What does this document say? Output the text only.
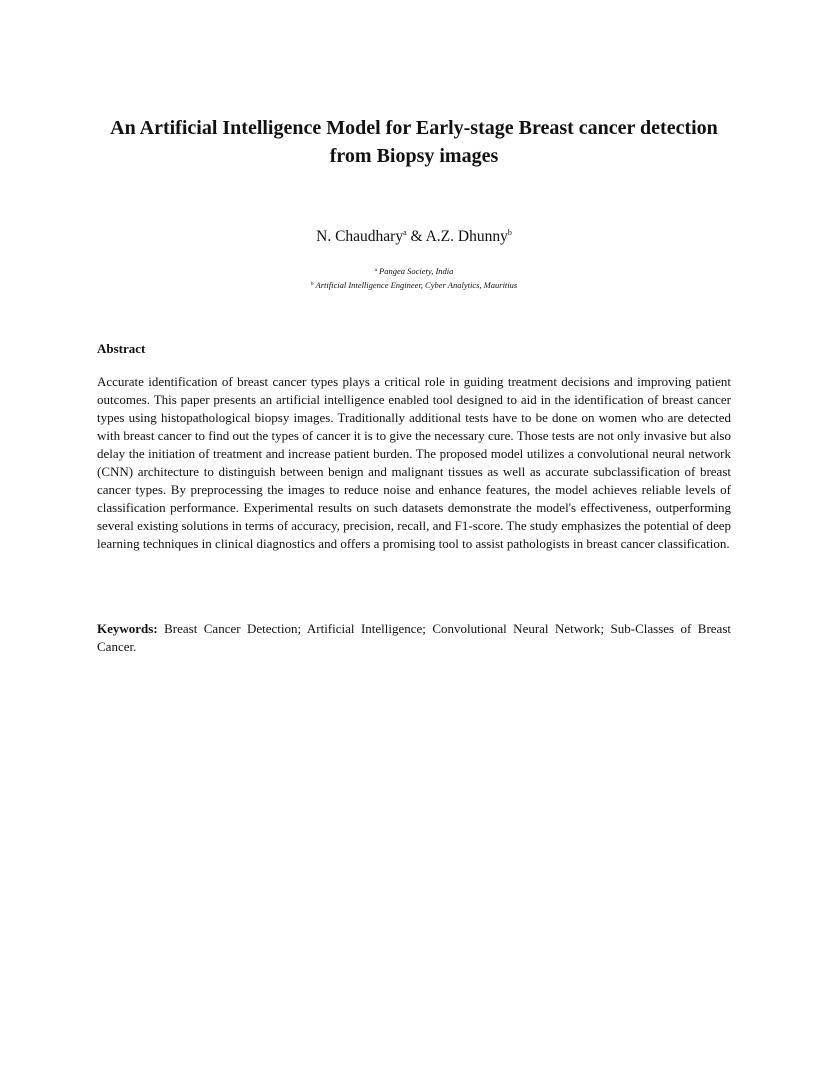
An Artificial Intelligence Model for Early-stage Breast cancer detection
from Biopsy images
N. Chaudhary$^a$ & A.Z. Dhunny$^b$
$^a$ Pangea Society, India
$^b$ Artificial Intelligence Engineer, Cyber Analytics, Mauritius
Abstract

Accurate identification of breast cancer types plays a critical role in guiding treatment decisions and improving patient outcomes. This paper presents an artificial intelligence enabled tool designed to aid in the identification of breast cancer types using histopathological biopsy images. Traditionally additional tests have to be done on women who are detected with breast cancer to find out the types of cancer it is to give the necessary cure. Those tests are not only invasive but also delay the initiation of treatment and increase patient burden. The proposed model utilizes a convolutional neural network (CNN) architecture to distinguish between benign and malignant tissues as well as accurate subclassification of breast cancer types. By preprocessing the images to reduce noise and enhance features, the model achieves reliable levels of classification performance. Experimental results on such datasets demonstrate the model's effectiveness, outperforming several existing solutions in terms of accuracy, precision, recall, and F1-score. The study emphasizes the potential of deep learning techniques in clinical diagnostics and offers a promising tool to assist pathologists in breast cancer classification.

Keywords: Breast Cancer Detection; Artificial Intelligence; Convolutional Neural Network; Sub-Classes of Breast Cancer.
